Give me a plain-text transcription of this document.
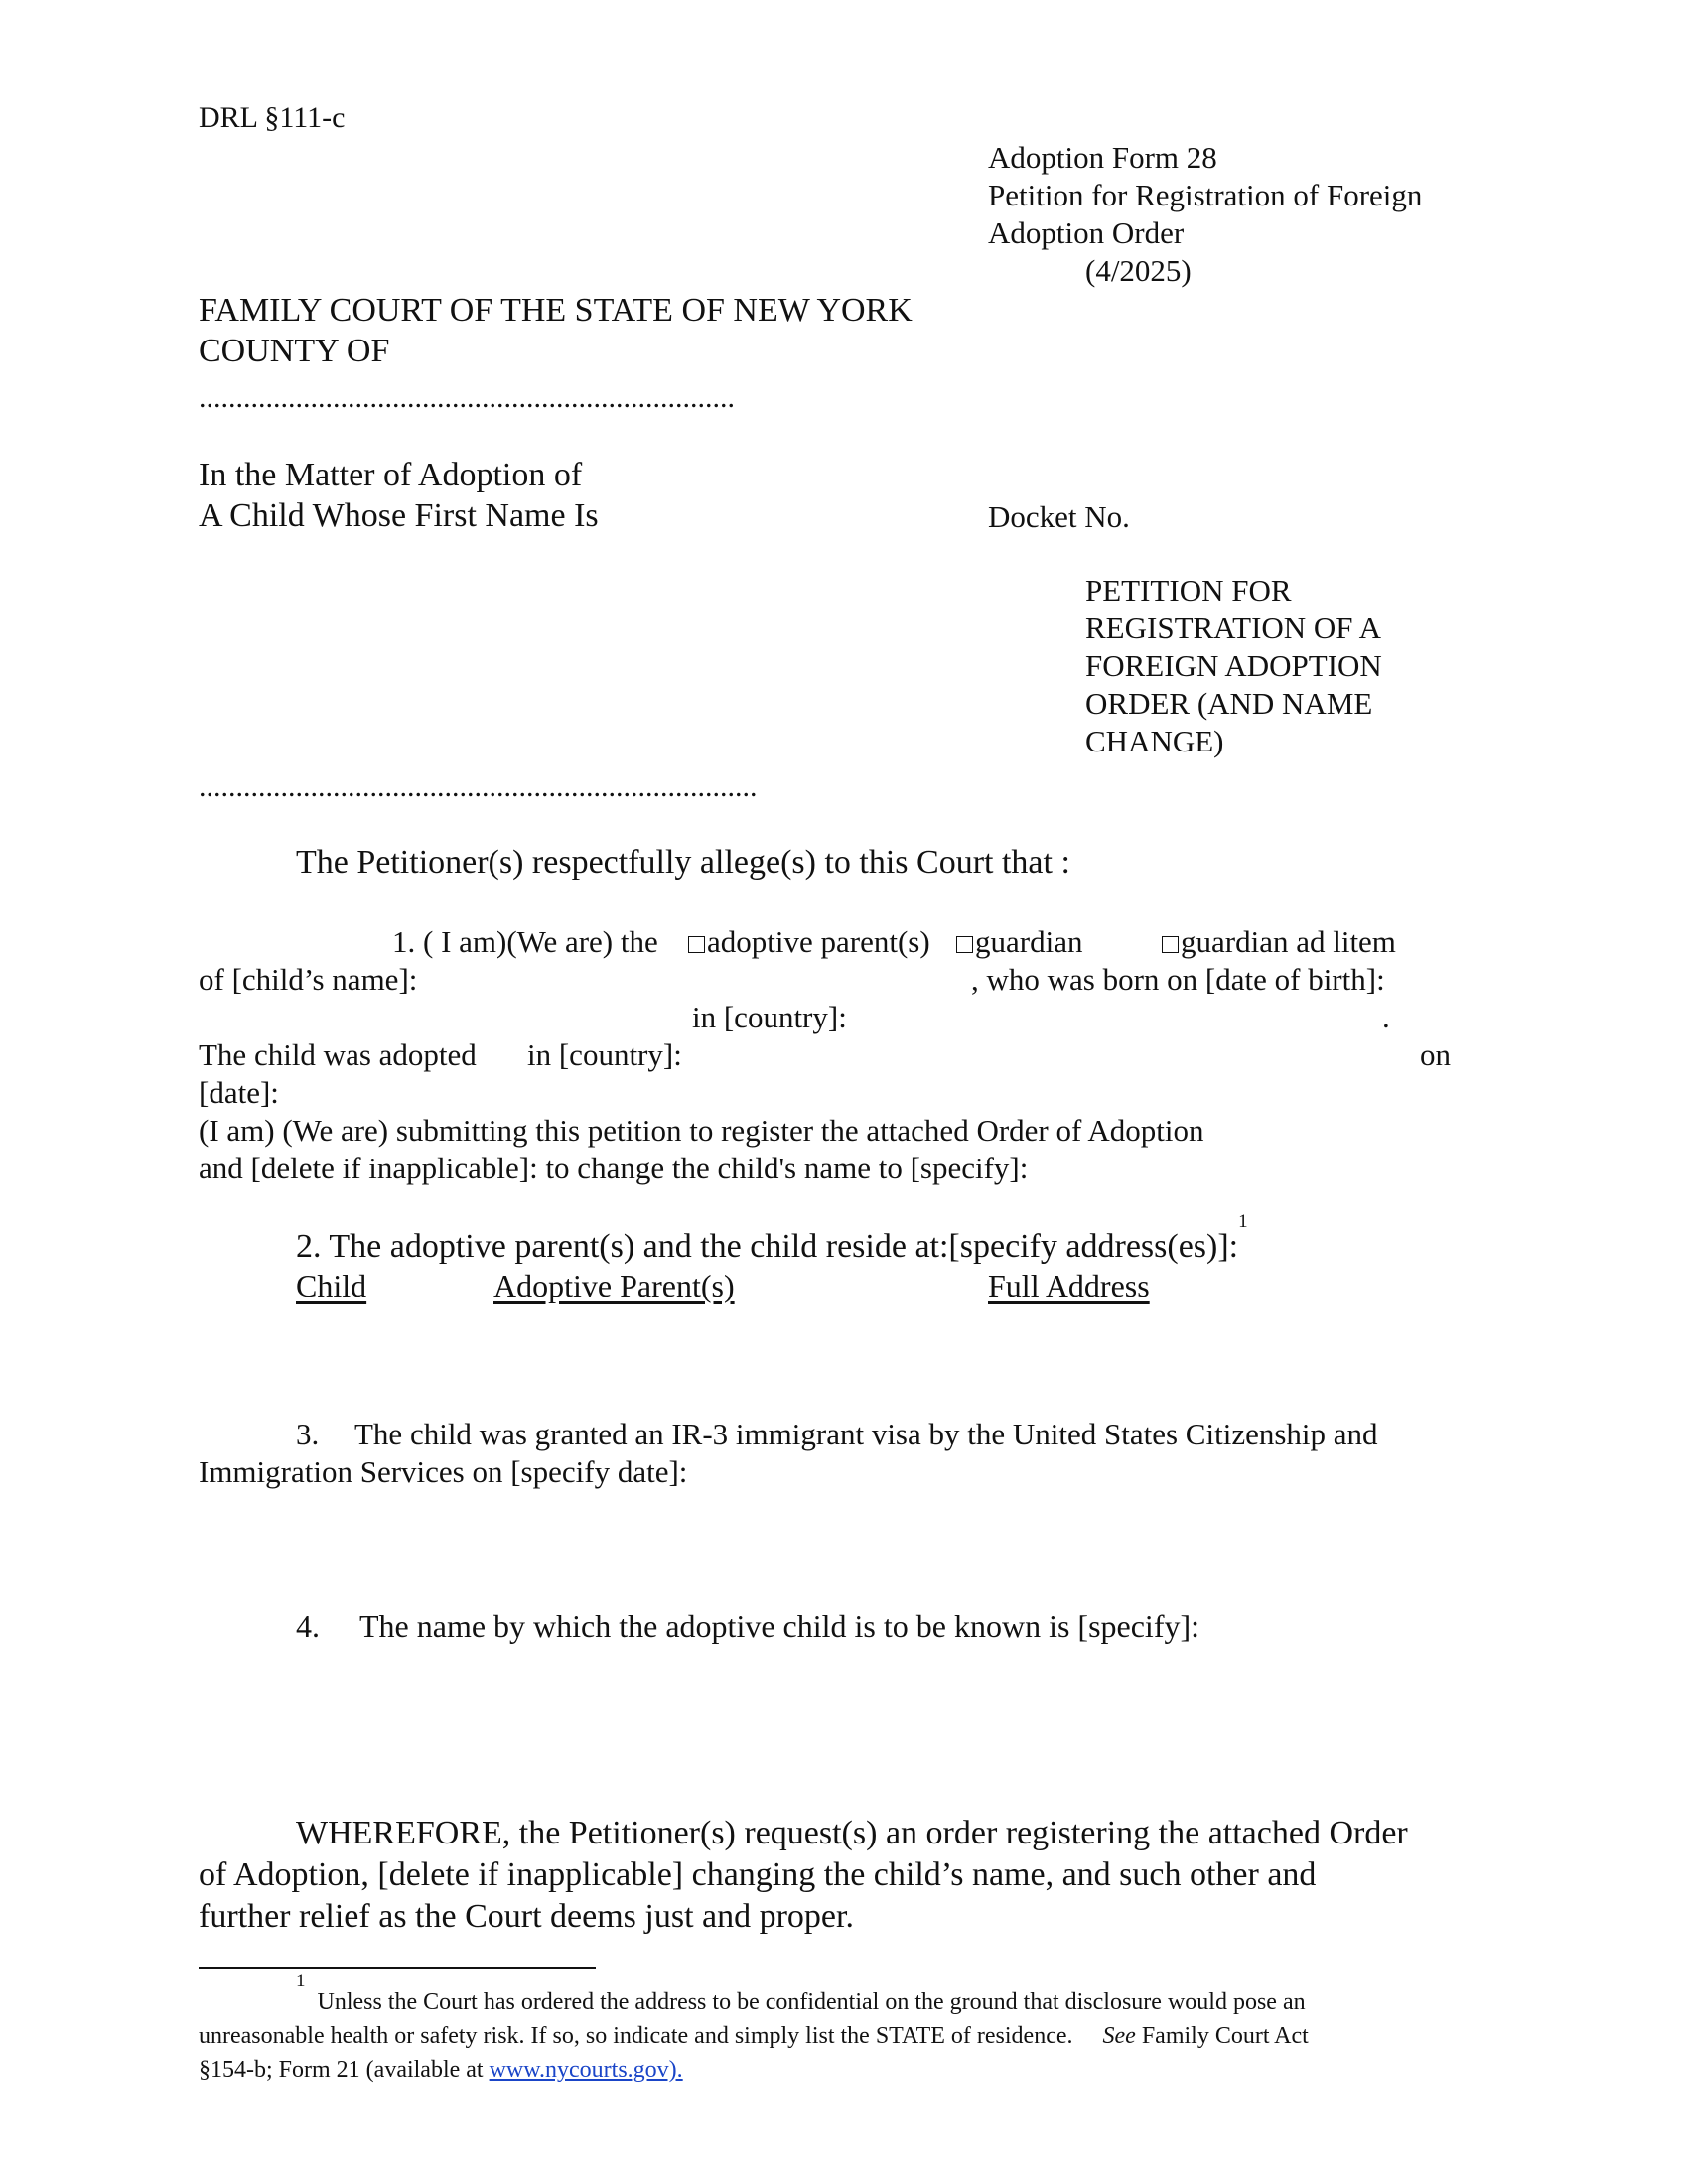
DRL §111-c
Adoption Form 28
Petition for Registration of Foreign
Adoption Order
(4/2025)
FAMILY COURT OF THE STATE OF NEW YORK
COUNTY OF
........................................................................
In the Matter of Adoption of
A Child Whose First Name Is	Docket No.
PETITION FOR
REGISTRATION OF A
FOREIGN ADOPTION
ORDER (AND NAME
CHANGE)
...........................................................................
The Petitioner(s) respectfully allege(s) to this Court that :
1. ( I am)(We are) the	adoptive parent(s)	guardian	guardian ad litem
of [child’s name]:	, who was born on [date of birth]:
in [country]:	.
The child was adopted in [country]:	on
[date]:
(I am) (We are) submitting this petition to register the attached Order of Adoption
and [delete if inapplicable]: to change the child's name to [specify]:
2. The adoptive parent(s) and the child reside at:[specify address(es)]:$^1$
Child	Adoptive Parent(s)	Full Address
3. The child was granted an IR-3 immigrant visa by the United States Citizenship and
Immigration Services on [specify date]:
4. The name by which the adoptive child is to be known is [specify]:
WHEREFORE, the Petitioner(s) request(s) an order registering the attached Order
of Adoption, [delete if inapplicable] changing the child’s name, and such other and
further relief as the Court deems just and proper.
$^1$  Unless the Court has ordered the address to be confidential on the ground that disclosure would pose an
unreasonable health or safety risk. If so, so indicate and simply list the STATE of residence. See Family Court Act
§154-b; Form 21 (available at www.nycourts.gov).
